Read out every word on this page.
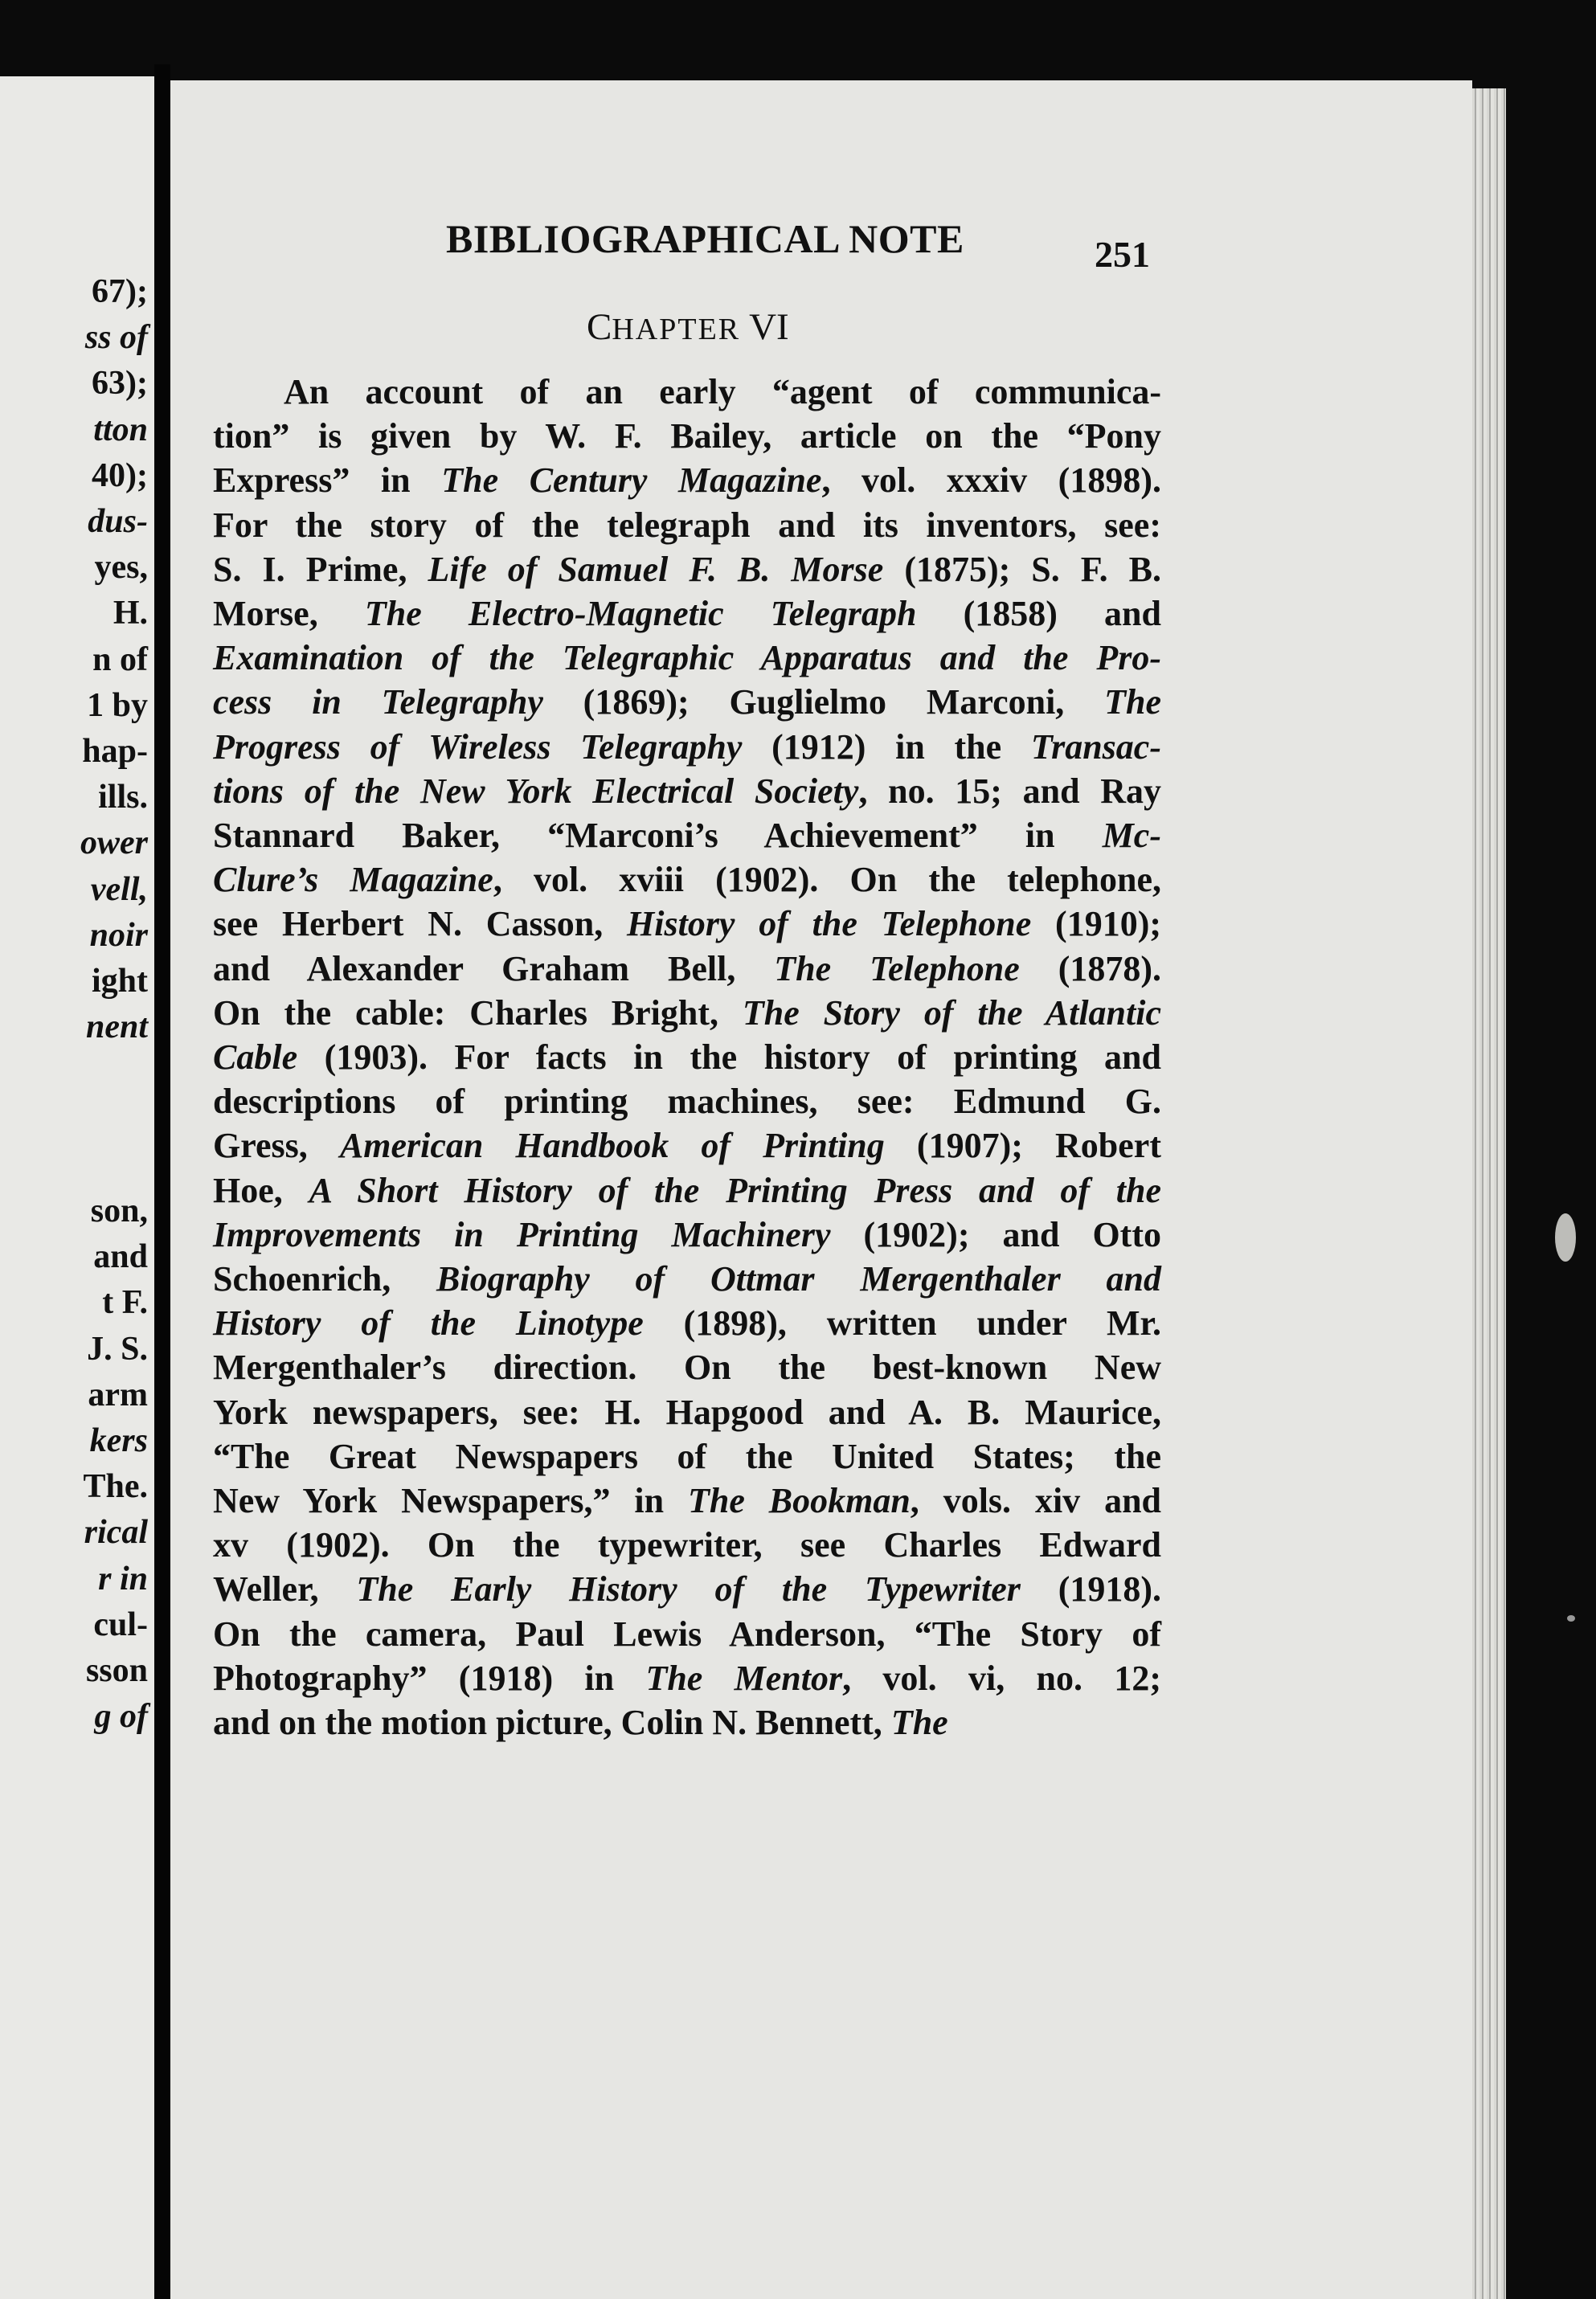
67);
ss of
63);
tton
40);
dus-
yes,
H.
n of
1 by
hap-
ills.
ower
vell,
noir
ight
nent

son,
and
t F.
J. S.
arm
kers
The.
rical
r in
cul-
sson
g of
BIBLIOGRAPHICAL NOTE	251
CHAPTER VI
An account of an early “agent of communica-
tion” is given by W. F. Bailey, article on the “Pony
Express” in The Century Magazine, vol. xxxiv (1898).
For the story of the telegraph and its inventors, see:
S. I. Prime, Life of Samuel F. B. Morse (1875); S. F. B.
Morse, The Electro-Magnetic Telegraph (1858) and
Examination of the Telegraphic Apparatus and the Pro-
cess in Telegraphy (1869); Guglielmo Marconi, The
Progress of Wireless Telegraphy (1912) in the Transac-
tions of the New York Electrical Society, no. 15; and Ray
Stannard Baker, “Marconi’s Achievement” in Mc-
Clure’s Magazine, vol. xviii (1902). On the telephone,
see Herbert N. Casson, History of the Telephone (1910);
and Alexander Graham Bell, The Telephone (1878).
On the cable: Charles Bright, The Story of the Atlantic
Cable (1903). For facts in the history of printing and
descriptions of printing machines, see: Edmund G.
Gress, American Handbook of Printing (1907); Robert
Hoe, A Short History of the Printing Press and of the
Improvements in Printing Machinery (1902); and Otto
Schoenrich, Biography of Ottmar Mergenthaler and
History of the Linotype (1898), written under Mr.
Mergenthaler’s direction. On the best-known New
York newspapers, see: H. Hapgood and A. B. Maurice,
“The Great Newspapers of the United States; the
New York Newspapers,” in The Bookman, vols. xiv and
xv (1902). On the typewriter, see Charles Edward
Weller, The Early History of the Typewriter (1918).
On the camera, Paul Lewis Anderson, “The Story of
Photography” (1918) in The Mentor, vol. vi, no. 12;
and on the motion picture, Colin N. Bennett, The
